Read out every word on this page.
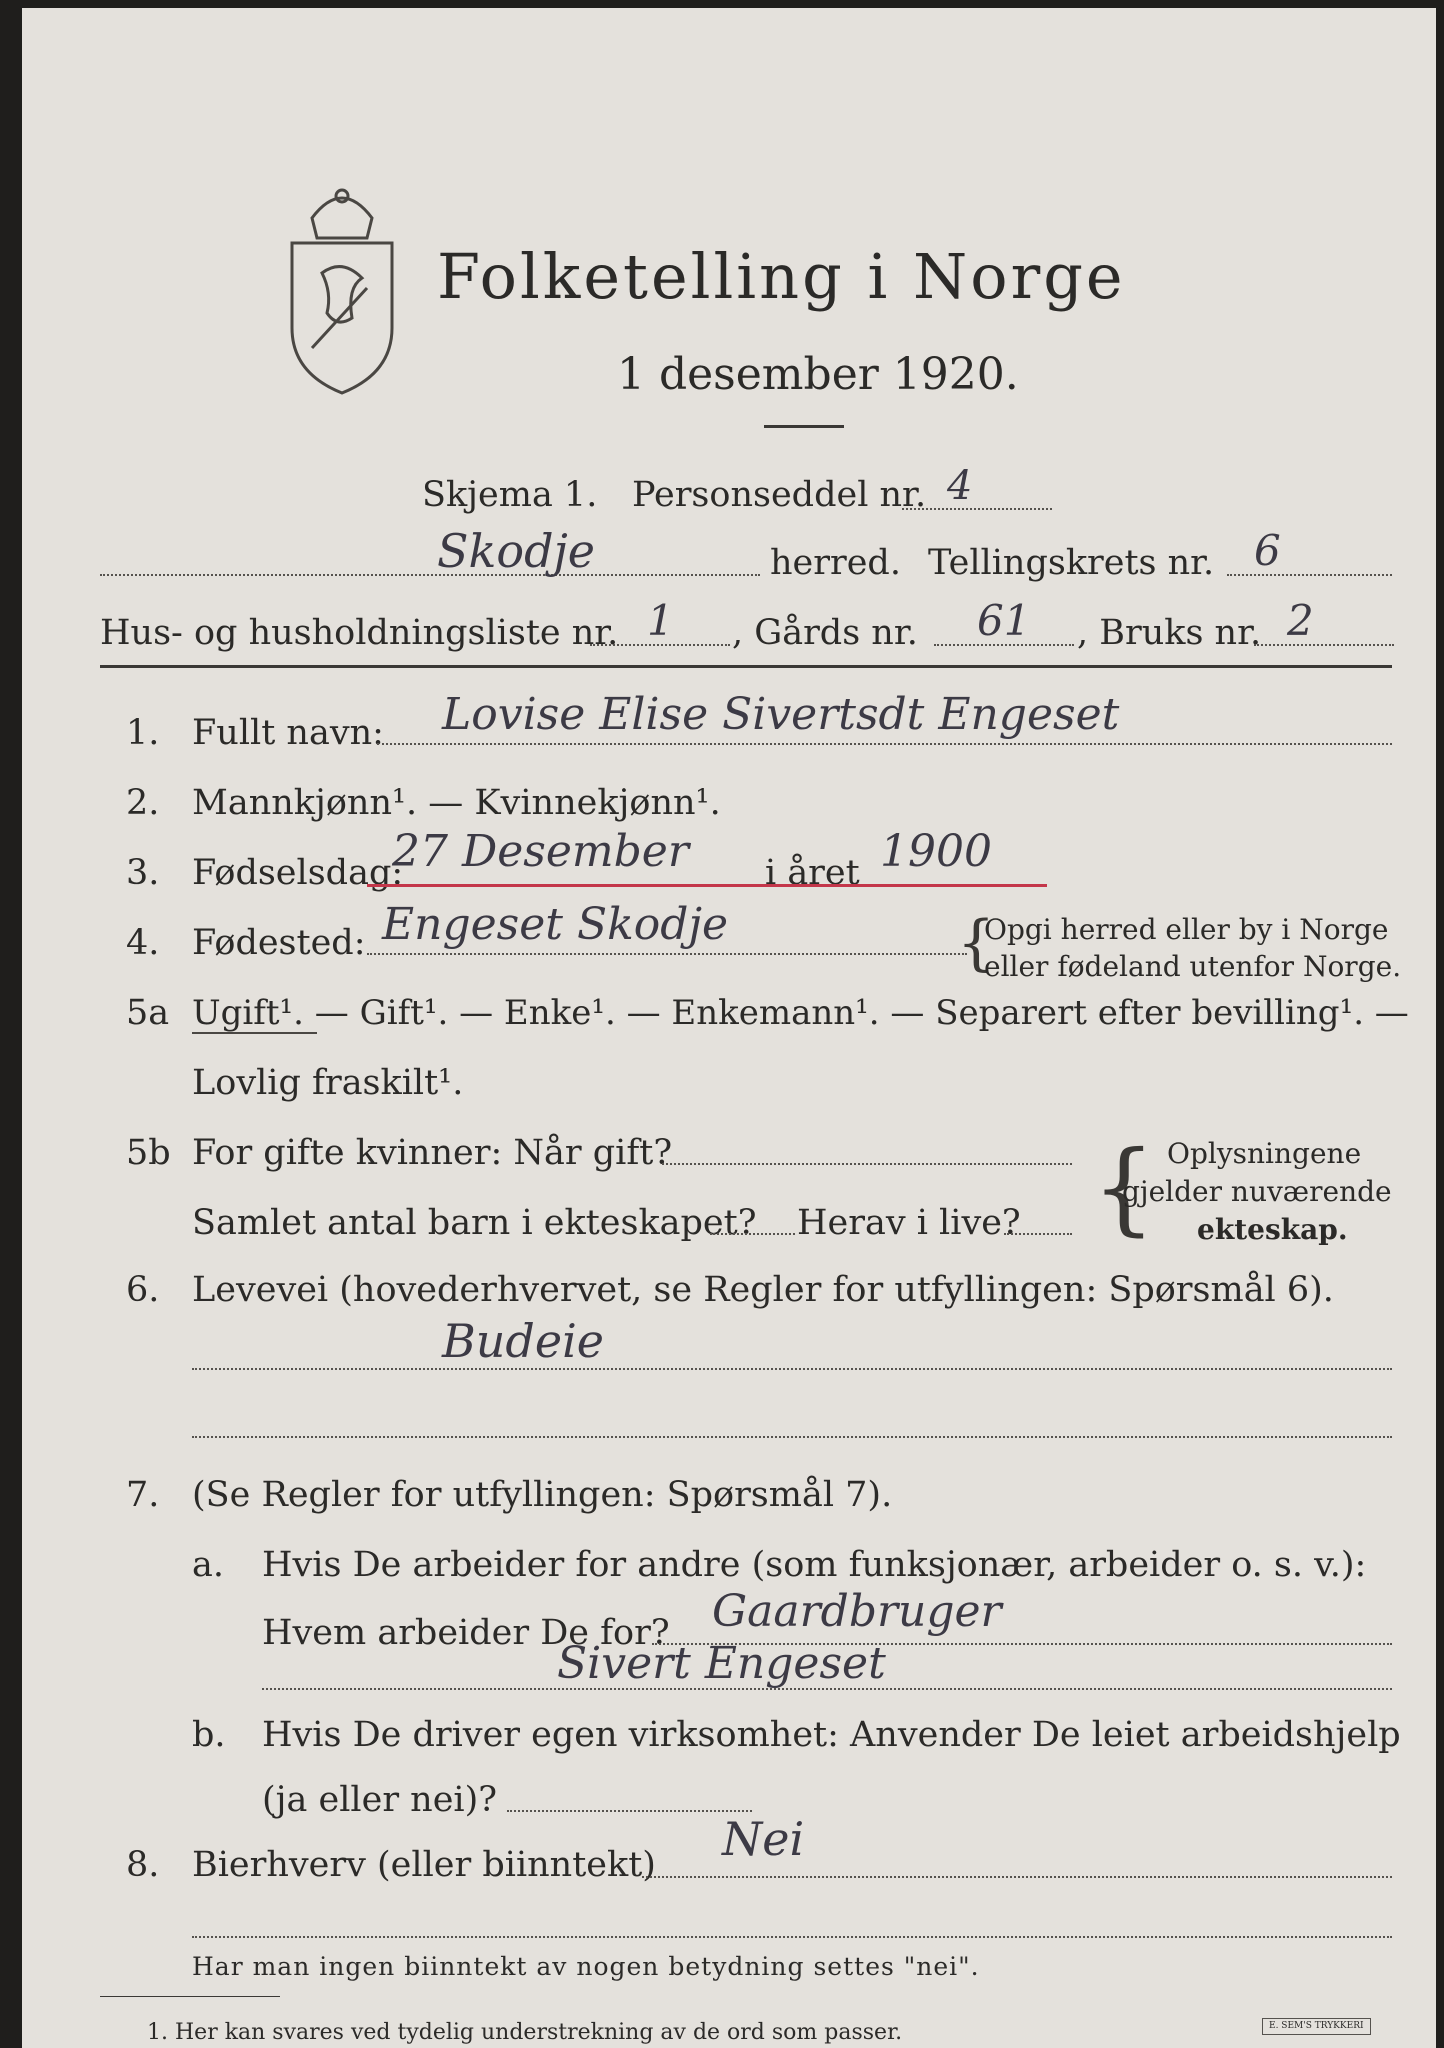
Folketelling i Norge
1 desember 1920.
Skjema 1. Personseddel nr. 4
Skodje	herred. Tellingskrets nr. 6
Hus- og husholdningsliste nr. 1 , Gårds nr. 61 , Bruks nr. 2
1. Fullt navn: Lovise Elise Sivertsdt Engeset
2. Mannkjønn¹. — Kvinnekjønn¹.
3. Fødselsdag:
27 Desember i året 1900
4. Fødested: Engeset Skodje	{
Opgi herred eller by i Norge
eller fødeland utenfor Norge.
5a Ugift¹. — Gift¹. — Enke¹. — Enkemann¹. — Separert efter bevilling¹. —
Lovlig fraskilt¹.
5b For gifte kvinner: Når gift?
Samlet antal barn i ekteskapet? Herav i live? { Oplysningene
gjelder nuværende
ekteskap.
6. Levevei (hovederhvervet, se Regler for utfyllingen: Spørsmål 6).
Budeie
7. (Se Regler for utfyllingen: Spørsmål 7).
a. Hvis De arbeider for andre (som funksjonær, arbeider o. s. v.):
Hvem arbeider De for? Gaardbruger
Sivert Engeset
b. Hvis De driver egen virksomhet: Anvender De leiet arbeidshjelp
(ja eller nei)?
8. Bierhverv (eller biinntekt) Nei
Har man ingen biinntekt av nogen betydning settes "nei".
1. Her kan svares ved tydelig understrekning av de ord som passer.	E. SEM'S TRYKKERI
